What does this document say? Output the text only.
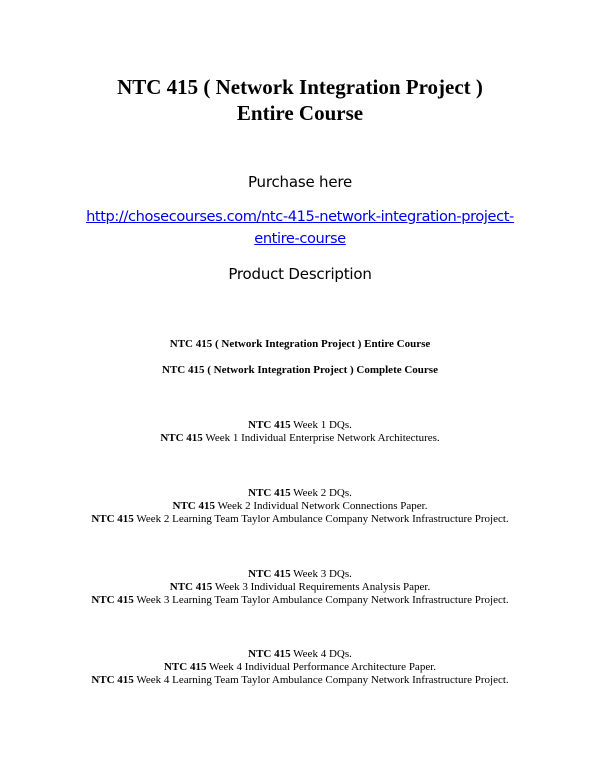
NTC 415 ( Network Integration Project )
Entire Course
Purchase here
http://chosecourses.com/ntc-415-network-integration-project-
entire-course
Product Description
NTC 415 ( Network Integration Project ) Entire Course
NTC 415 ( Network Integration Project ) Complete Course
NTC 415 Week 1 DQs.
NTC 415 Week 1 Individual Enterprise Network Architectures.
NTC 415 Week 2 DQs.
NTC 415 Week 2 Individual Network Connections Paper.
NTC 415 Week 2 Learning Team Taylor Ambulance Company Network Infrastructure Project.
NTC 415 Week 3 DQs.
NTC 415 Week 3 Individual Requirements Analysis Paper.
NTC 415 Week 3 Learning Team Taylor Ambulance Company Network Infrastructure Project.
NTC 415 Week 4 DQs.
NTC 415 Week 4 Individual Performance Architecture Paper.
NTC 415 Week 4 Learning Team Taylor Ambulance Company Network Infrastructure Project.
